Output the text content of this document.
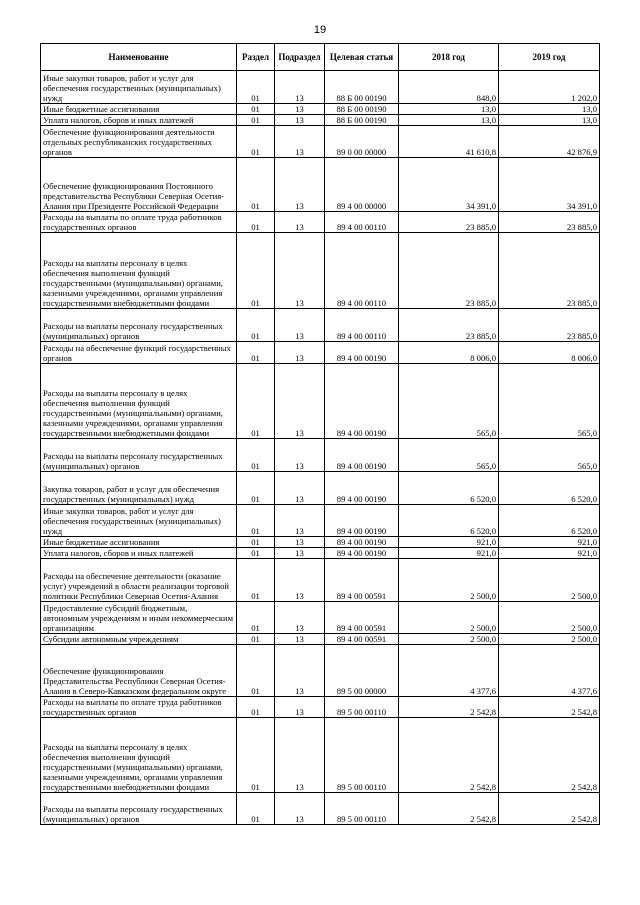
19
Наименование	Раздел	Подраздел	Целевая статья	2018 год	2019 год
Иные закупки товаров, работ и услуг для обеспечения государственных (муниципальных) нужд	01	13	88 Б 00 00190	848,0	1 202,0
Иные бюджетные ассигнования	01	13	88 Б 00 00190	13,0	13,0
Уплата налогов, сборов и иных платежей	01	13	88 Б 00 00190	13,0	13,0
Обеспечение функционирования деятельности отдельных республиканских государственных органов	01	13	89 0 00 00000	41 610,8	42 876,9
Обеспечение функционирования Постоянного представительства Республики Северная Осетия-Алания при Президенте Российской Федерации	01	13	89 4 00 00000	34 391,0	34 391,0
Расходы на выплаты по оплате труда работников государственных органов	01	13	89 4 00 00110	23 885,0	23 885,0
Расходы на выплаты персоналу в целях обеспечения выполнения функций государственными (муниципальными) органами, казенными учреждениями, органами управления государственными внебюджетными фондами	01	13	89 4 00 00110	23 885,0	23 885,0
Расходы на выплаты персоналу государственных (муниципальных) органов	01	13	89 4 00 00110	23 885,0	23 885,0
Расходы на обеспечение функций государственных органов	01	13	89 4 00 00190	8 006,0	8 006,0
Расходы на выплаты персоналу в целях обеспечения выполнения функций государственными (муниципальными) органами, казенными учреждениями, органами управления государственными внебюджетными фондами	01	13	89 4 00 00190	565,0	565,0
Расходы на выплаты персоналу государственных (муниципальных) органов	01	13	89 4 00 00190	565,0	565,0
Закупка товаров, работ и услуг для обеспечения государственных (муниципальных) нужд	01	13	89 4 00 00190	6 520,0	6 520,0
Иные закупки товаров, работ и услуг для обеспечения государственных (муниципальных) нужд	01	13	89 4 00 00190	6 520,0	6 520,0
Иные бюджетные ассигнования	01	13	89 4 00 00190	921,0	921,0
Уплата налогов, сборов и иных платежей	01	13	89 4 00 00190	921,0	921,0
Расходы на обеспечение деятельности (оказание услуг) учреждений в области реализации торговой политики Республики Северная Осетия-Алания	01	13	89 4 00 00591	2 500,0	2 500,0
Предоставление субсидий бюджетным, автономным учреждениям и иным некоммерческим организациям	01	13	89 4 00 00591	2 500,0	2 500,0
Субсидии автономным учреждениям	01	13	89 4 00 00591	2 500,0	2 500,0
Обеспечение функционирования Представительства Республики Северная Осетия-Алания в Северо-Кавказском федеральном округе	01	13	89 5 00 00000	4 377,6	4 377,6
Расходы на выплаты по оплате труда работников государственных органов	01	13	89 5 00 00110	2 542,8	2 542,8
Расходы на выплаты персоналу в целях обеспечения выполнения функций государственными (муниципальными) органами, казенными учреждениями, органами управления государственными внебюджетными фондами	01	13	89 5 00 00110	2 542,8	2 542,8
Расходы на выплаты персоналу государственных (муниципальных) органов	01	13	89 5 00 00110	2 542,8	2 542,8
